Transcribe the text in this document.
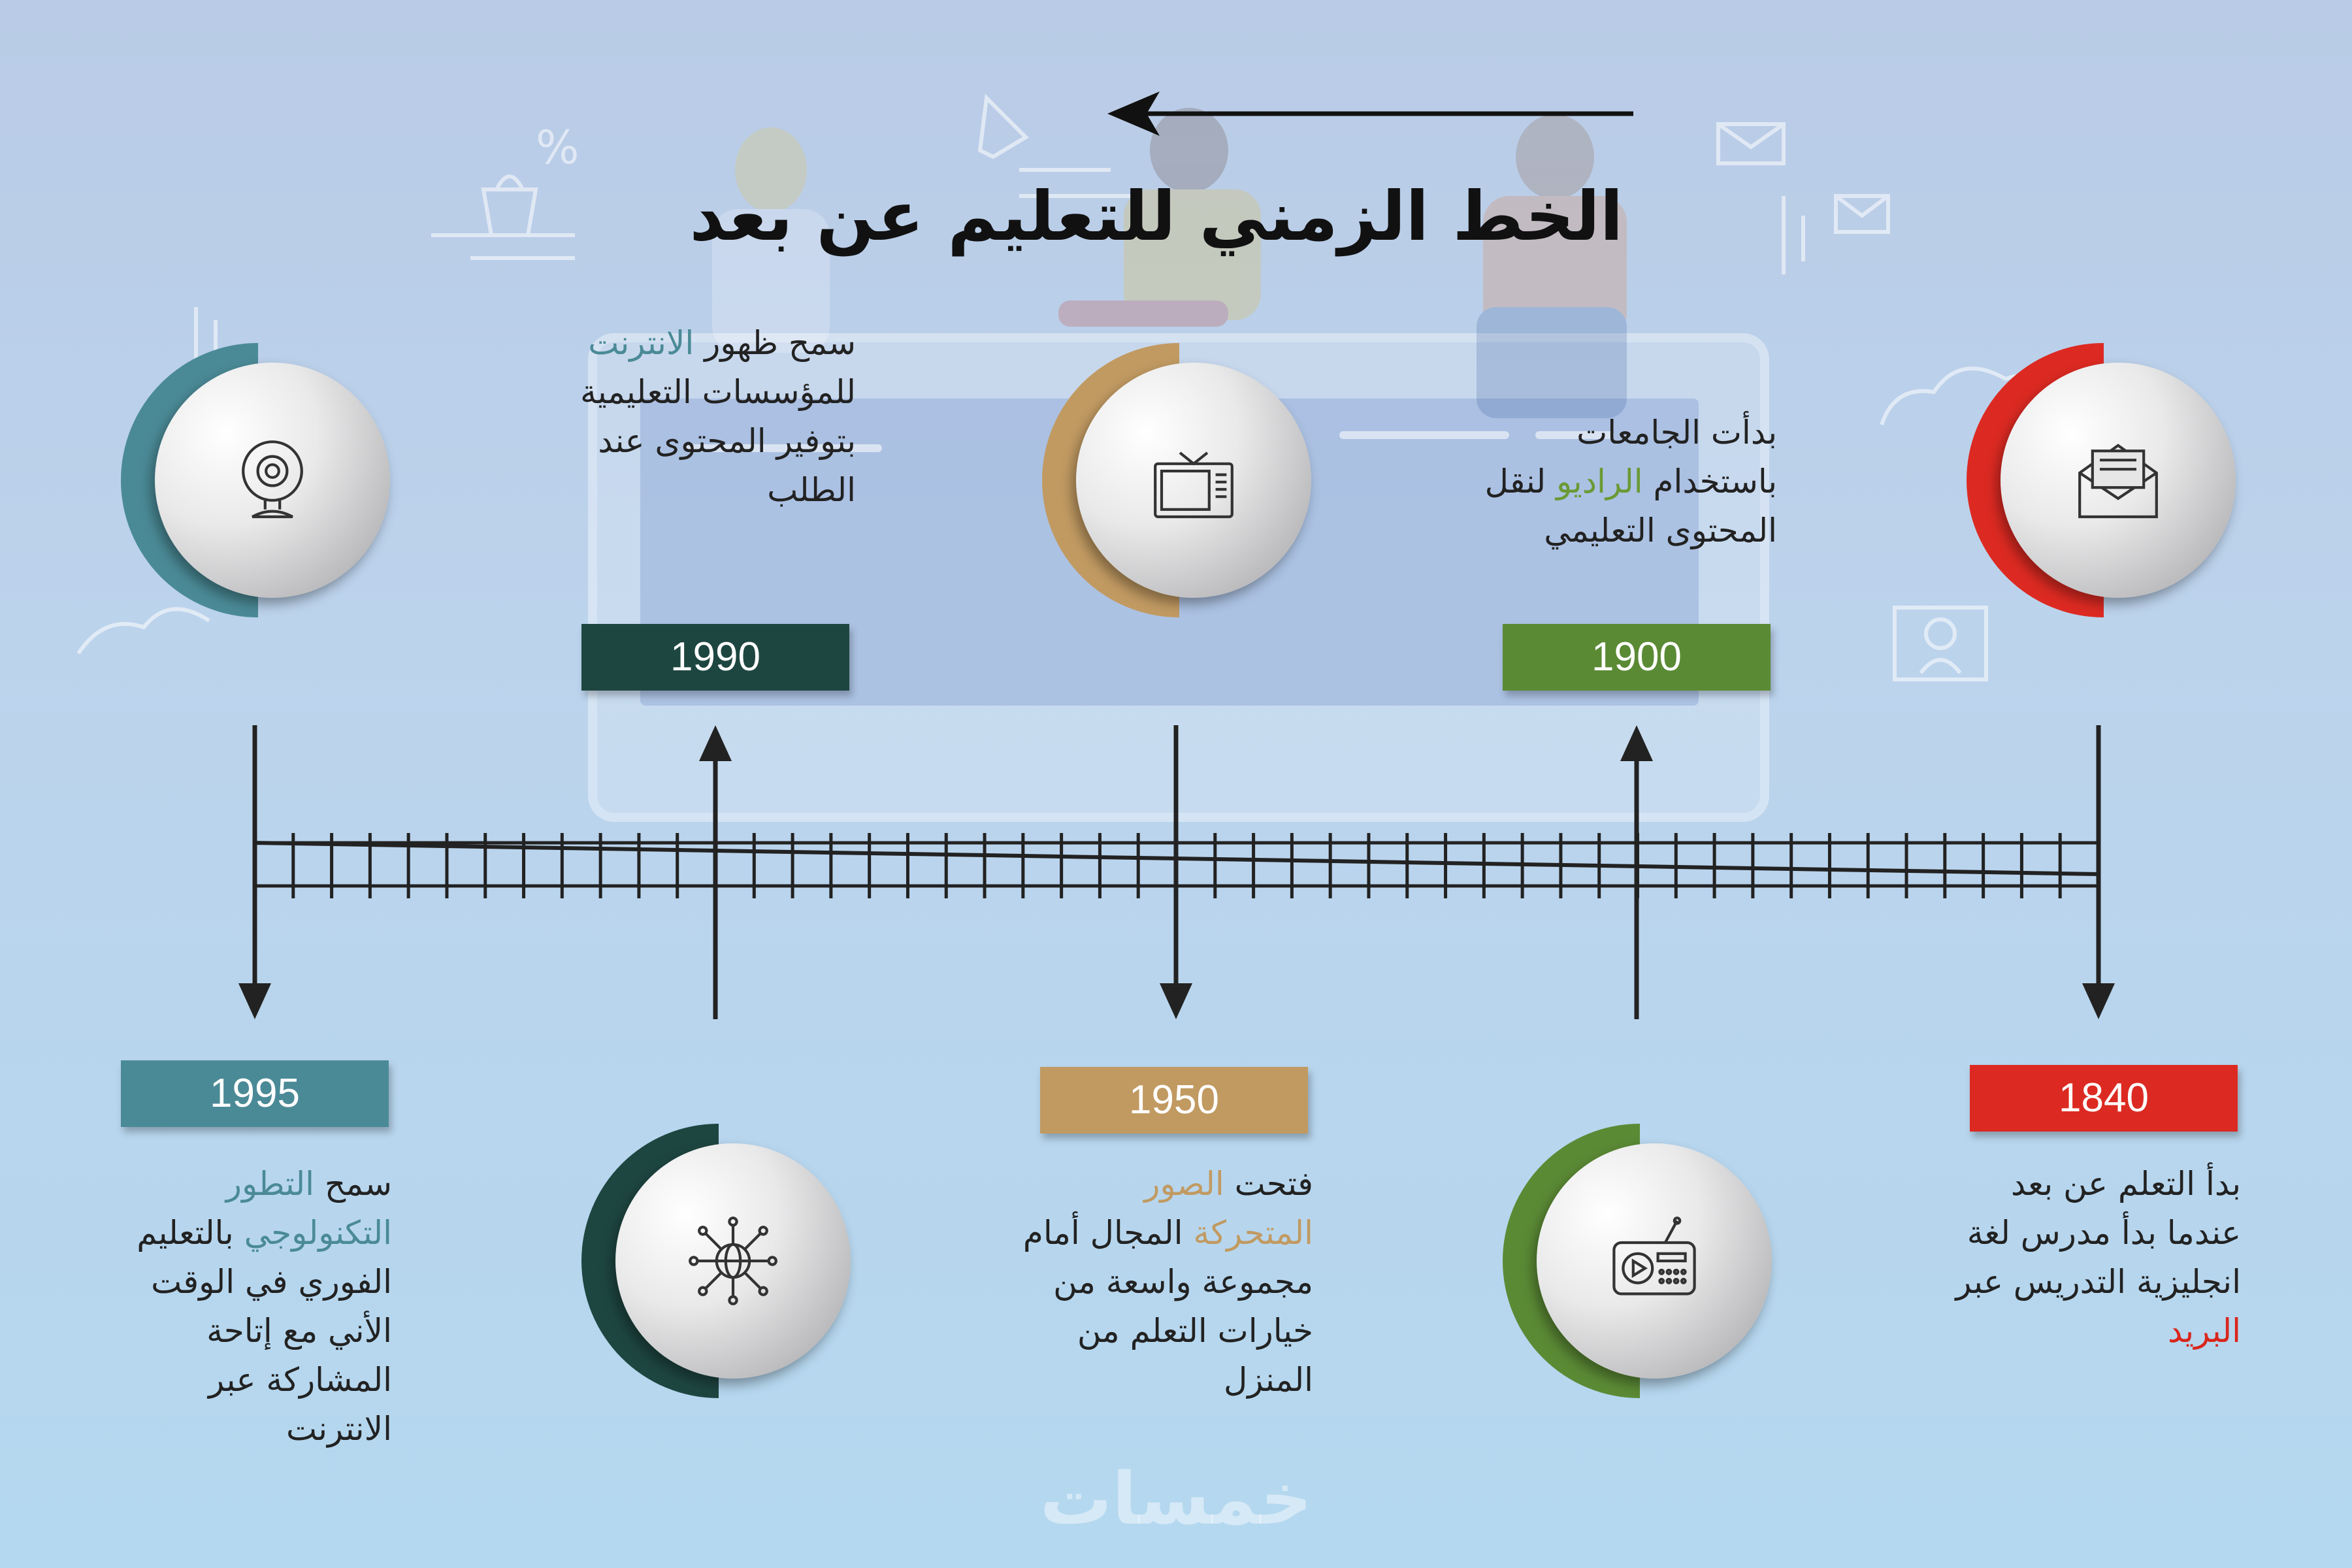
%
الخط الزمني للتعليم عن بعد
1995
1990
1950
1900
1840
سمح ظهور الانترنت للمؤسسات التعليمية بتوفير المحتوى عند الطلب
بدأت الجامعات باستخدام الراديو لنقل المحتوى التعليمي
سمح التطور التكنولوجي بالتعليم الفوري في الوقت الأني مع إتاحة المشاركة عبر الانترنت
فتحت الصور المتحركة المجال أمام مجموعة واسعة من خيارات التعلم من المنزل
بدأ التعلم عن بعد عندما بدأ مدرس لغة انجليزية التدريس عبر البريد
خمسات
